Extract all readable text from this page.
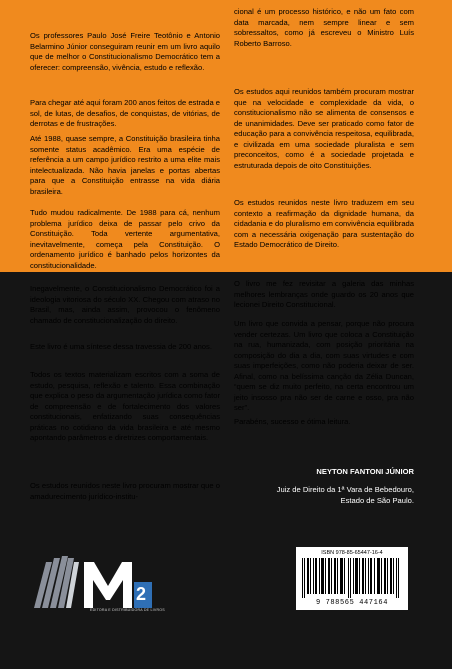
Os professores Paulo José Freire Teotônio e Antonio Belarmino Júnior conseguiram reunir em um livro aquilo que de melhor o Constitucionalismo Democrático tem a oferecer: compreensão, vivência, estudo e reflexão.

Para chegar até aqui foram 200 anos feitos de estrada e sol, de lutas, de desafios, de conquistas, de vitórias, de derrotas e de frustrações.

Até 1988, quase sempre, a Constituição brasileira tinha somente status acadêmico. Era uma espécie de referência a um campo jurídico restrito a uma elite mais intelectualizada. Não havia janelas e portas abertas para que a Constituição entrasse na vida diária brasileira.

Tudo mudou radicalmente. De 1988 para cá, nenhum problema jurídico deixa de passar pelo crivo da Constituição. Toda vertente argumentativa, inevitavelmente, começa pela Constituição. O ordenamento jurídico é banhado pelos horizontes da constitucionalidade.

Inegavelmente, o Constitucionalismo Democrático foi a ideologia vitoriosa do século XX. Chegou com atraso no Brasil, mas, ainda assim, provocou o fenômeno chamado de constitucionalização do direito.

Este livro é uma síntese dessa travessia de 200 anos.

Todos os textos materializam escritos com a soma de estudo, pesquisa, reflexão e talento. Essa combinação que explica o peso da argumentação jurídica como fator de compreensão e de fortalecimento dos valores constitucionais, enfatizando suas consequências práticas no cotidiano da vida brasileira e até mesmo apontando parâmetros e diretrizes comportamentais.

Os estudos reunidos neste livro procuram mostrar que o amadurecimento jurídico-institu-

cional é um processo histórico, e não um fato com data marcada, nem sempre linear e sem sobressaltos, como já escreveu o Ministro Luís Roberto Barroso.

Os estudos aqui reunidos também procuram mostrar que na velocidade e complexidade da vida, o constitucionalismo não se alimenta de consensos e de unanimidades. Deve ser praticado como fator de educação para a convivência respeitosa, equilibrada, e civilizada em uma sociedade pluralista e sem preconceitos, como é a sociedade projetada e estruturada depois de oito Constituições.

Os estudos reunidos neste livro traduzem em seu contexto a reafirmação da dignidade humana, da cidadania e do pluralismo em convivência equilibrada com a necessária oxigenação para sustentação do Estado Democrático de Direito.

O livro me fez revisitar a galeria das minhas melhores lembranças onde guardo os 20 anos que lecionei Direito Constitucional.

Um livro que convida a pensar, porque não procura vender certezas. Um livro que coloca a Constituição na rua, humanizada, com posição prioritária na composição do dia a dia, com suas virtudes e com suas imperfeições, como não poderia deixar de ser. Afinal, como na belíssima canção da Zélia Duncan, “quem se diz muito perfeito, na certa encontrou um jeito insosso pra não ser de carne e osso, pra não ser”.

Parabéns, sucesso e ótima leitura.

NEYTON FANTONI JÚNIOR
Juiz de Direito da 1ª Vara de Bebedouro,
Estado de São Paulo.
2
EDITORA E DISTRIBUIDORA DE LIVROS
ISBN 978-85-65447-16-4
9 788565 447164
